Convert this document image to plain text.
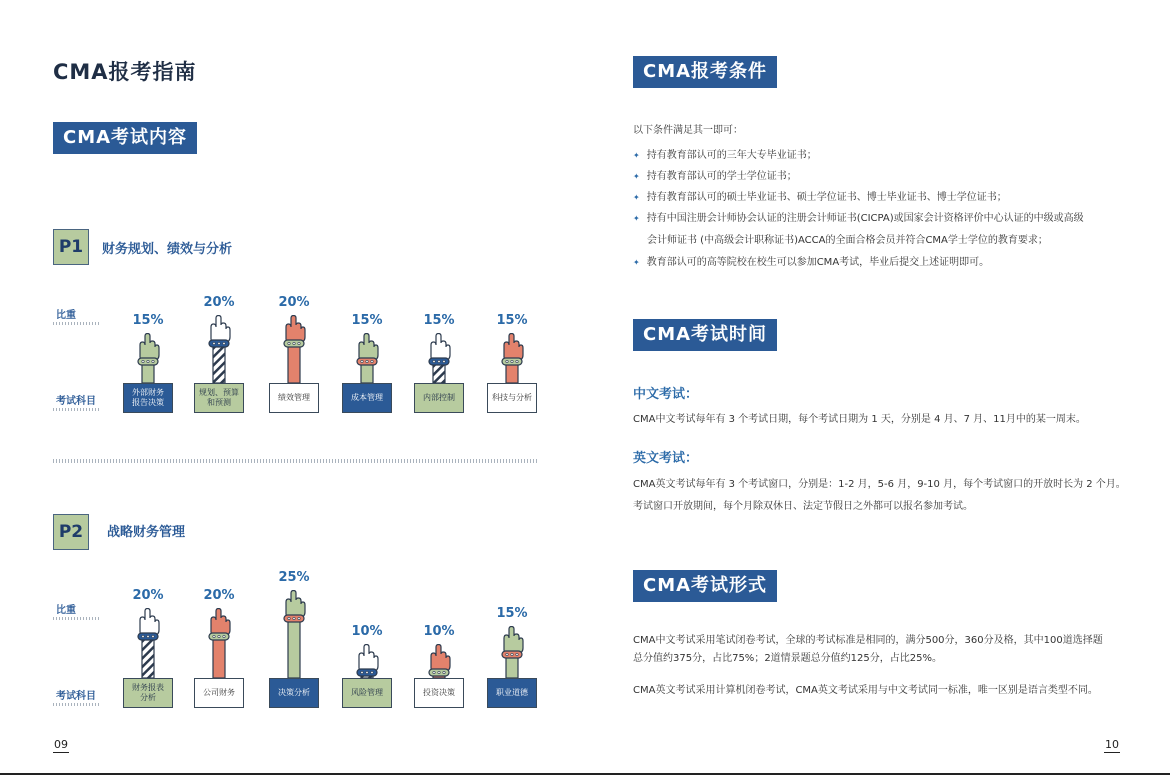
CMA报考指南
CMA考试内容
P1	财务规划、绩效与分析
比重
考试科目
15%
外部财务
报告决策
20%
规划、预算
和预测
20%
绩效管理
15%
成本管理
15%
内部控制
15%
科技与分析
P2	战略财务管理
比重
考试科目
20%
财务报表
分析
20%
公司财务
25%
决策分析
10%
风险管理
10%
投资决策
15%
职业道德
09
CMA报考条件
以下条件满足其一即可：
✦ 持有教育部认可的三年大专毕业证书；
✦ 持有教育部认可的学士学位证书；
✦ 持有教育部认可的硕士毕业证书、硕士学位证书、博士毕业证书、博士学位证书；
✦ 持有中国注册会计师协会认证的注册会计师证书(CICPA)或国家会计资格评价中心认证的中级或高级
会计师证书 (中高级会计职称证书)ACCA的全面合格会员并符合CMA学士学位的教育要求；
✦ 教育部认可的高等院校在校生可以参加CMA考试，毕业后提交上述证明即可。
CMA考试时间
中文考试：
CMA中文考试每年有 3 个考试日期，每个考试日期为 1 天，分别是 4 月、7 月、11月中的某一周末。
英文考试：
CMA英文考试每年有 3 个考试窗口，分别是：1-2 月，5-6 月，9-10 月，每个考试窗口的开放时长为 2 个月。
考试窗口开放期间，每个月除双休日、法定节假日之外都可以报名参加考试。
CMA考试形式
CMA中文考试采用笔试闭卷考试，全球的考试标准是相同的，满分500分，360分及格，其中100道选择题
总分值约375分，占比75%；2道情景题总分值约125分，占比25%。
CMA英文考试采用计算机闭卷考试，CMA英文考试采用与中文考试同一标准，唯一区别是语言类型不同。
10
